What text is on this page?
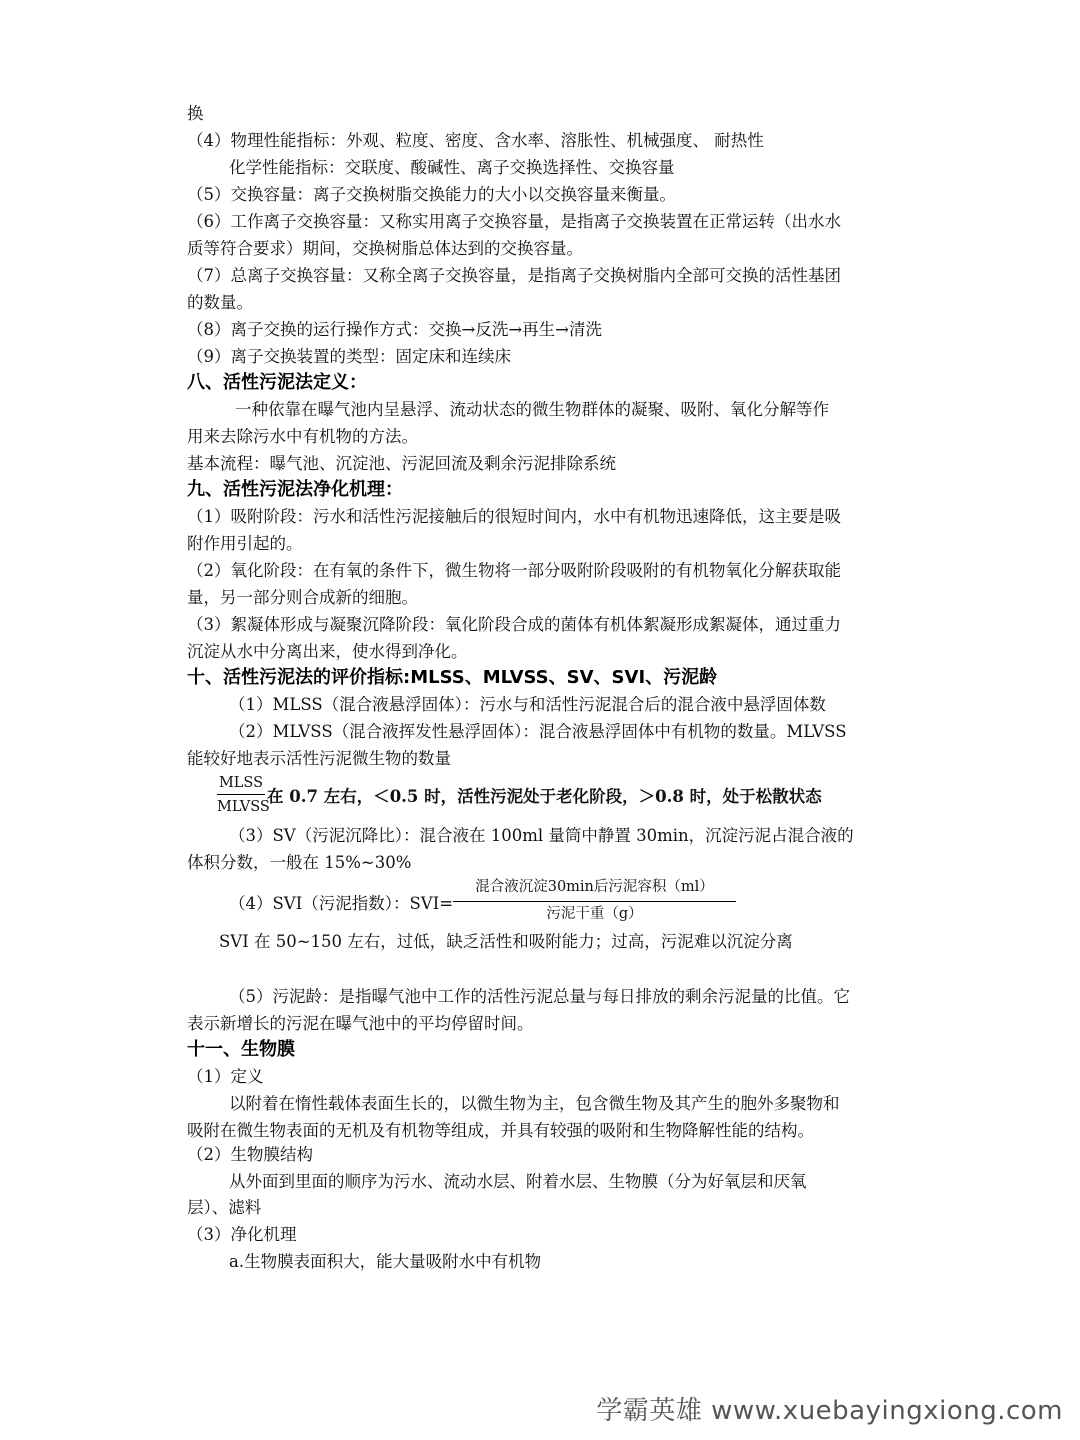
换
（4）物理性能指标：外观、粒度、密度、含水率、溶胀性、机械强度、 耐热性
化学性能指标：交联度、酸碱性、离子交换选择性、交换容量
（5）交换容量：离子交换树脂交换能力的大小以交换容量来衡量。
（6）工作离子交换容量：又称实用离子交换容量，是指离子交换装置在正常运转（出水水
质等符合要求）期间，交换树脂总体达到的交换容量。
（7）总离子交换容量：又称全离子交换容量，是指离子交换树脂内全部可交换的活性基团
的数量。
（8）离子交换的运行操作方式：交换→反洗→再生→清洗
（9）离子交换装置的类型：固定床和连续床
八、活性污泥法定义：
一种依靠在曝气池内呈悬浮、流动状态的微生物群体的凝聚、吸附、氧化分解等作
用来去除污水中有机物的方法。
基本流程：曝气池、沉淀池、污泥回流及剩余污泥排除系统
九、活性污泥法净化机理：
（1）吸附阶段：污水和活性污泥接触后的很短时间内，水中有机物迅速降低，这主要是吸
附作用引起的。
（2）氧化阶段：在有氧的条件下，微生物将一部分吸附阶段吸附的有机物氧化分解获取能
量，另一部分则合成新的细胞。
（3）絮凝体形成与凝聚沉降阶段：氧化阶段合成的菌体有机体絮凝形成絮凝体，通过重力
沉淀从水中分离出来，使水得到净化。
十、活性污泥法的评价指标:MLSS、MLVSS、SV、SVI、污泥龄
（1）MLSS（混合液悬浮固体）：污水与和活性污泥混合后的混合液中悬浮固体数
（2）MLVSS（混合液挥发性悬浮固体）：混合液悬浮固体中有机物的数量。MLVSS
能较好地表示活性污泥微生物的数量
MLSS
MLVSS
在 0.7 左右，＜0.5 时，活性污泥处于老化阶段，＞0.8 时，处于松散状态
（3）SV（污泥沉降比）：混合液在 100ml 量筒中静置 30min，沉淀污泥占混合液的
体积分数，一般在 15%~30%
（4）SVI（污泥指数）：SVI=
混合液沉淀30min后污泥容积（ml）
污泥干重（g）
SVI 在 50~150 左右，过低，缺乏活性和吸附能力；过高，污泥难以沉淀分离
（5）污泥龄：是指曝气池中工作的活性污泥总量与每日排放的剩余污泥量的比值。它
表示新增长的污泥在曝气池中的平均停留时间。
十一、生物膜
（1）定义
以附着在惰性载体表面生长的，以微生物为主，包含微生物及其产生的胞外多聚物和
吸附在微生物表面的无机及有机物等组成，并具有较强的吸附和生物降解性能的结构。
（2）生物膜结构
从外面到里面的顺序为污水、流动水层、附着水层、生物膜（分为好氧层和厌氧
层）、滤料
（3）净化机理
a.生物膜表面积大，能大量吸附水中有机物
学霸英雄 www.xuebayingxiong.com
